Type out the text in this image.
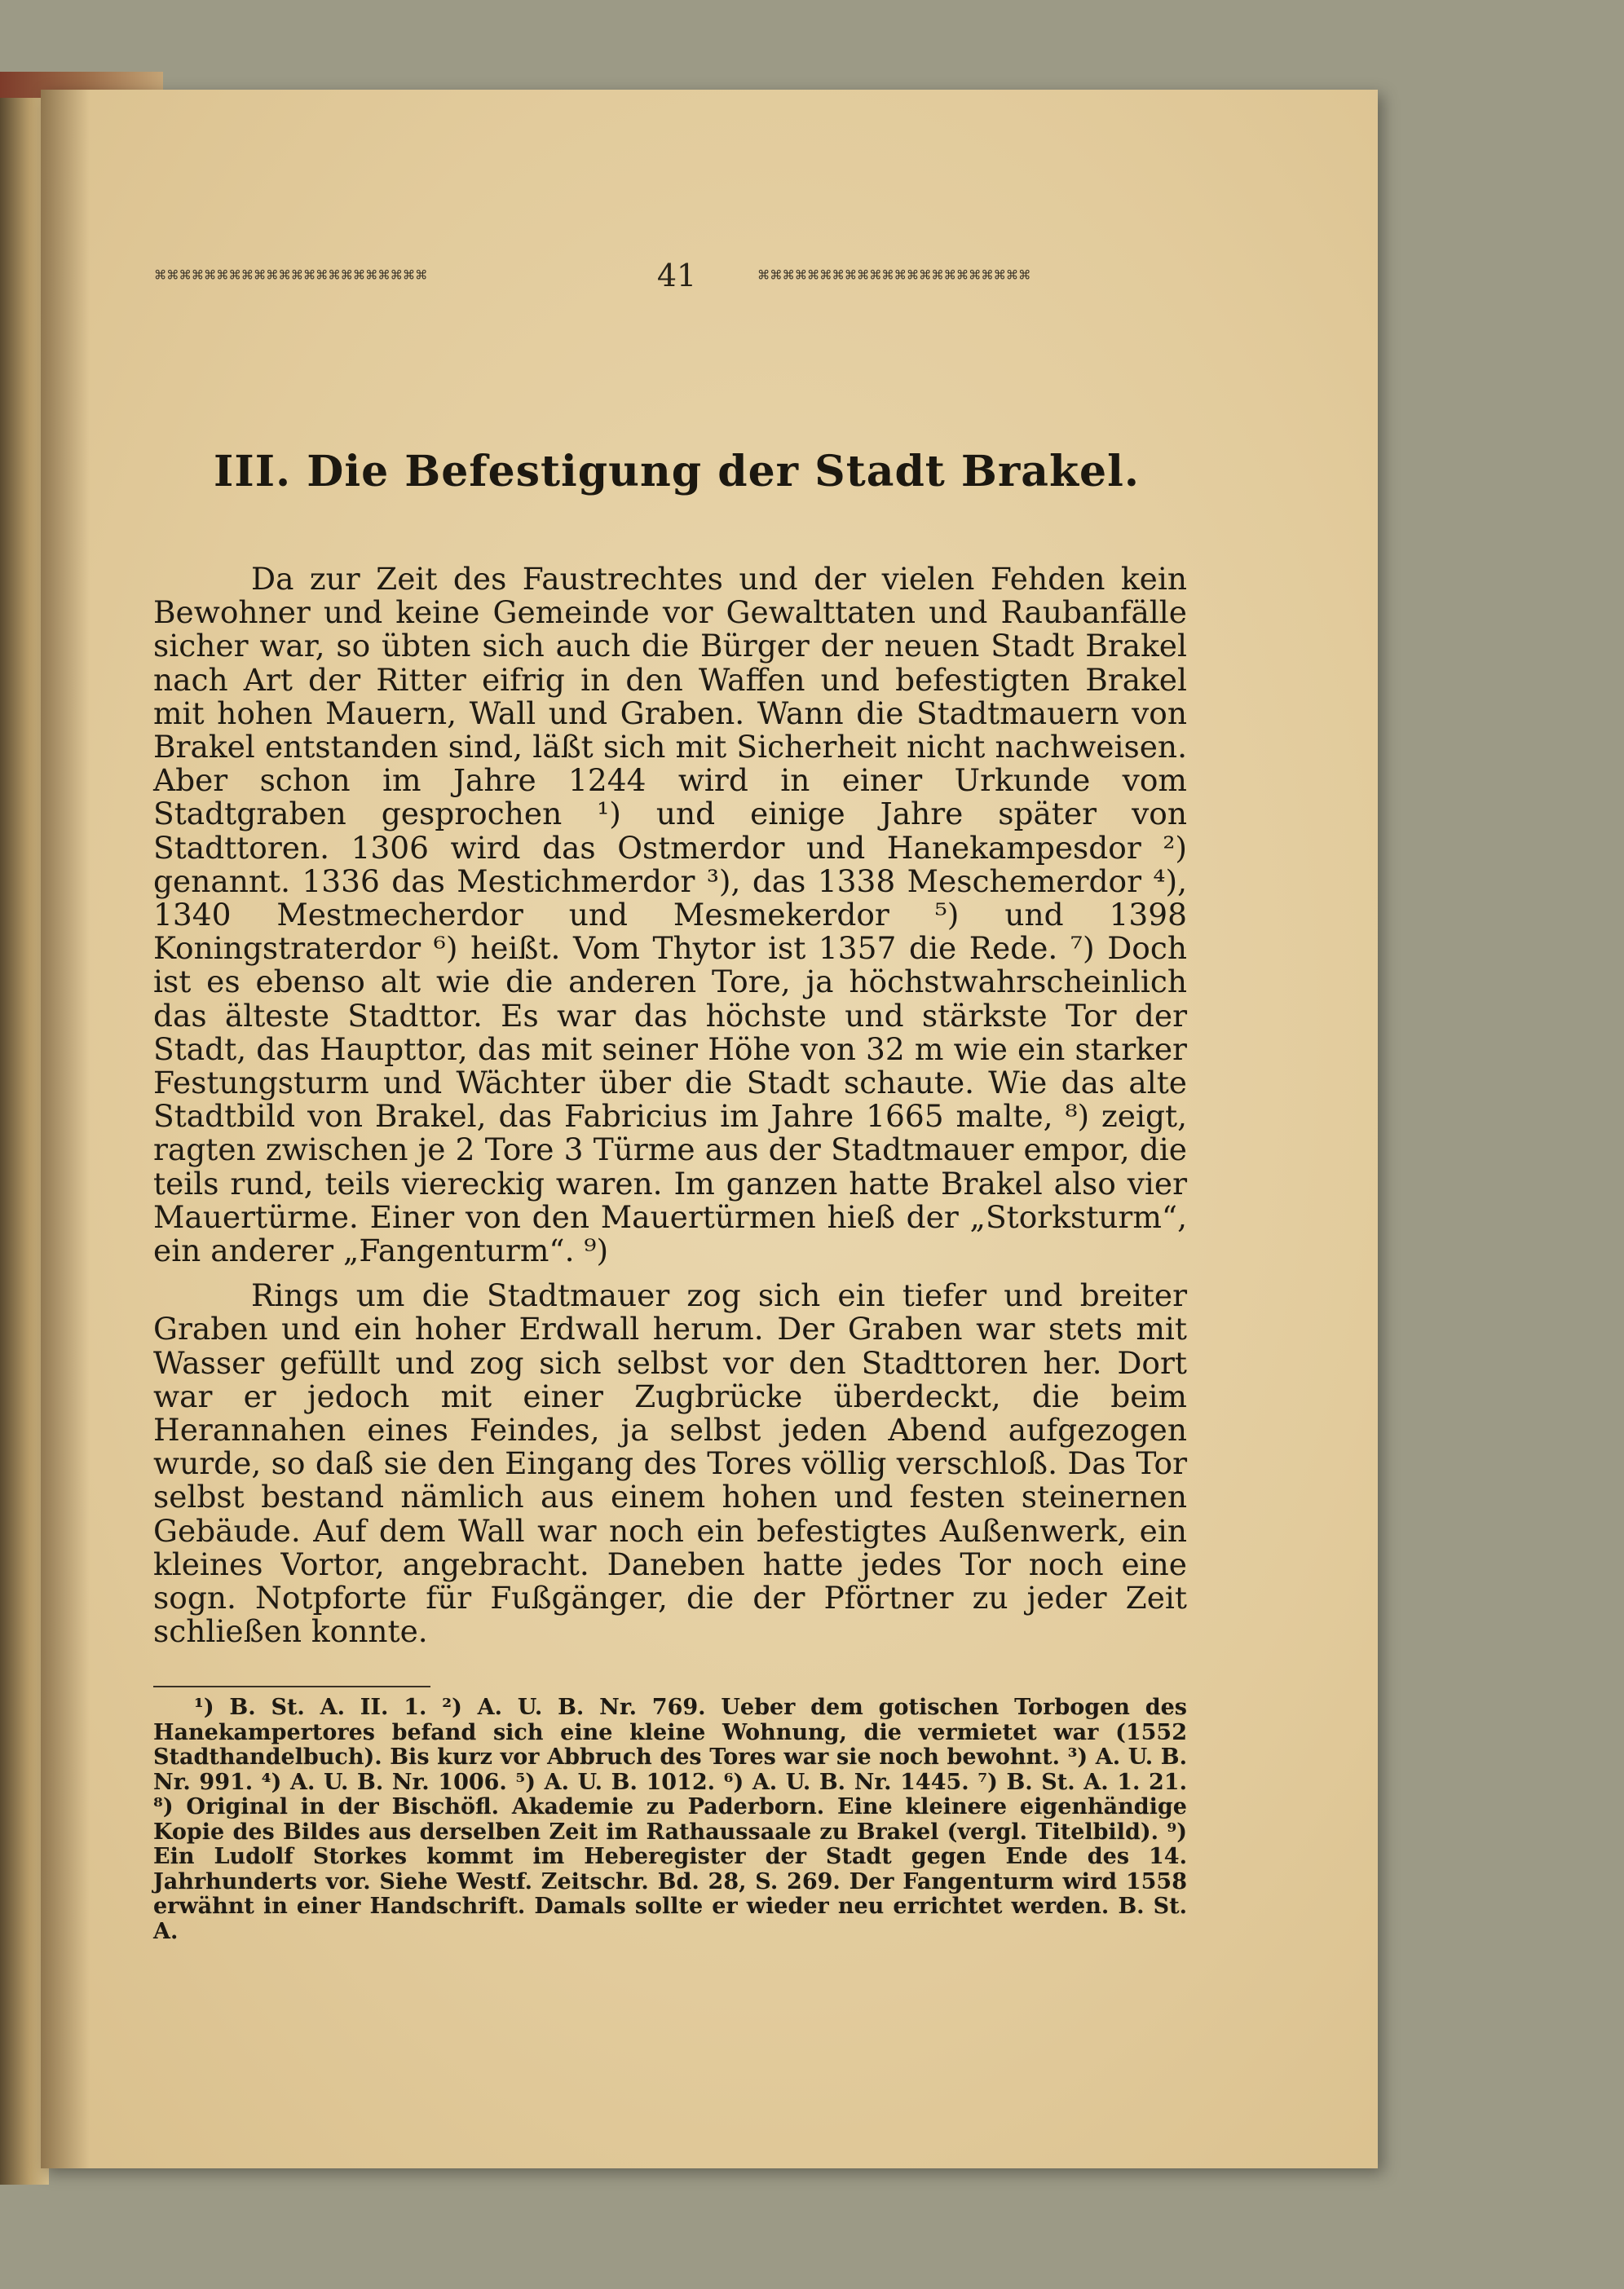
⌘⌘⌘⌘⌘⌘⌘⌘⌘⌘⌘⌘⌘⌘⌘⌘⌘⌘⌘⌘⌘⌘	41	⌘⌘⌘⌘⌘⌘⌘⌘⌘⌘⌘⌘⌘⌘⌘⌘⌘⌘⌘⌘⌘⌘
III. Die Befestigung der Stadt Brakel.

Da zur Zeit des Faustrechtes und der vielen Fehden kein Bewohner und keine Gemeinde vor Gewalttaten und Raubanfälle sicher war, so übten sich auch die Bürger der neuen Stadt Brakel nach Art der Ritter eifrig in den Waffen und befestigten Brakel mit hohen Mauern, Wall und Graben. Wann die Stadtmauern von Brakel entstanden sind, läßt sich mit Sicherheit nicht nachweisen. Aber schon im Jahre 1244 wird in einer Urkunde vom Stadtgraben gesprochen ¹) und einige Jahre später von Stadttoren. 1306 wird das Ostmerdor und Hanekampesdor ²) genannt. 1336 das Mestichmerdor ³), das 1338 Meschemerdor ⁴), 1340 Mestmecherdor und Mesmekerdor ⁵) und 1398 Koningstraterdor ⁶) heißt. Vom Thytor ist 1357 die Rede. ⁷) Doch ist es ebenso alt wie die anderen Tore, ja höchstwahrscheinlich das älteste Stadttor. Es war das höchste und stärkste Tor der Stadt, das Haupttor, das mit seiner Höhe von 32 m wie ein starker Festungsturm und Wächter über die Stadt schaute. Wie das alte Stadtbild von Brakel, das Fabricius im Jahre 1665 malte, ⁸) zeigt, ragten zwischen je 2 Tore 3 Türme aus der Stadtmauer empor, die teils rund, teils viereckig waren. Im ganzen hatte Brakel also vier Mauertürme. Einer von den Mauertürmen hieß der „Storksturm“, ein anderer „Fangenturm“. ⁹)

Rings um die Stadtmauer zog sich ein tiefer und breiter Graben und ein hoher Erdwall herum. Der Graben war stets mit Wasser gefüllt und zog sich selbst vor den Stadttoren her. Dort war er jedoch mit einer Zugbrücke überdeckt, die beim Herannahen eines Feindes, ja selbst jeden Abend aufgezogen wurde, so daß sie den Eingang des Tores völlig verschloß. Das Tor selbst bestand nämlich aus einem hohen und festen steinernen Gebäude. Auf dem Wall war noch ein befestigtes Außenwerk, ein kleines Vortor, angebracht. Daneben hatte jedes Tor noch eine sogn. Notpforte für Fußgänger, die der Pförtner zu jeder Zeit schließen konnte.

¹) B. St. A. II. 1. ²) A. U. B. Nr. 769. Ueber dem gotischen Torbogen des Hanekampertores befand sich eine kleine Wohnung, die vermietet war (1552 Stadthandelbuch). Bis kurz vor Abbruch des Tores war sie noch bewohnt. ³) A. U. B. Nr. 991. ⁴) A. U. B. Nr. 1006. ⁵) A. U. B. 1012. ⁶) A. U. B. Nr. 1445. ⁷) B. St. A. 1. 21. ⁸) Original in der Bischöfl. Akademie zu Paderborn. Eine kleinere eigenhändige Kopie des Bildes aus derselben Zeit im Rathaussaale zu Brakel (vergl. Titelbild). ⁹) Ein Ludolf Storkes kommt im Heberegister der Stadt gegen Ende des 14. Jahrhunderts vor. Siehe Westf. Zeitschr. Bd. 28, S. 269. Der Fangenturm wird 1558 erwähnt in einer Handschrift. Damals sollte er wieder neu errichtet werden. B. St. A.
